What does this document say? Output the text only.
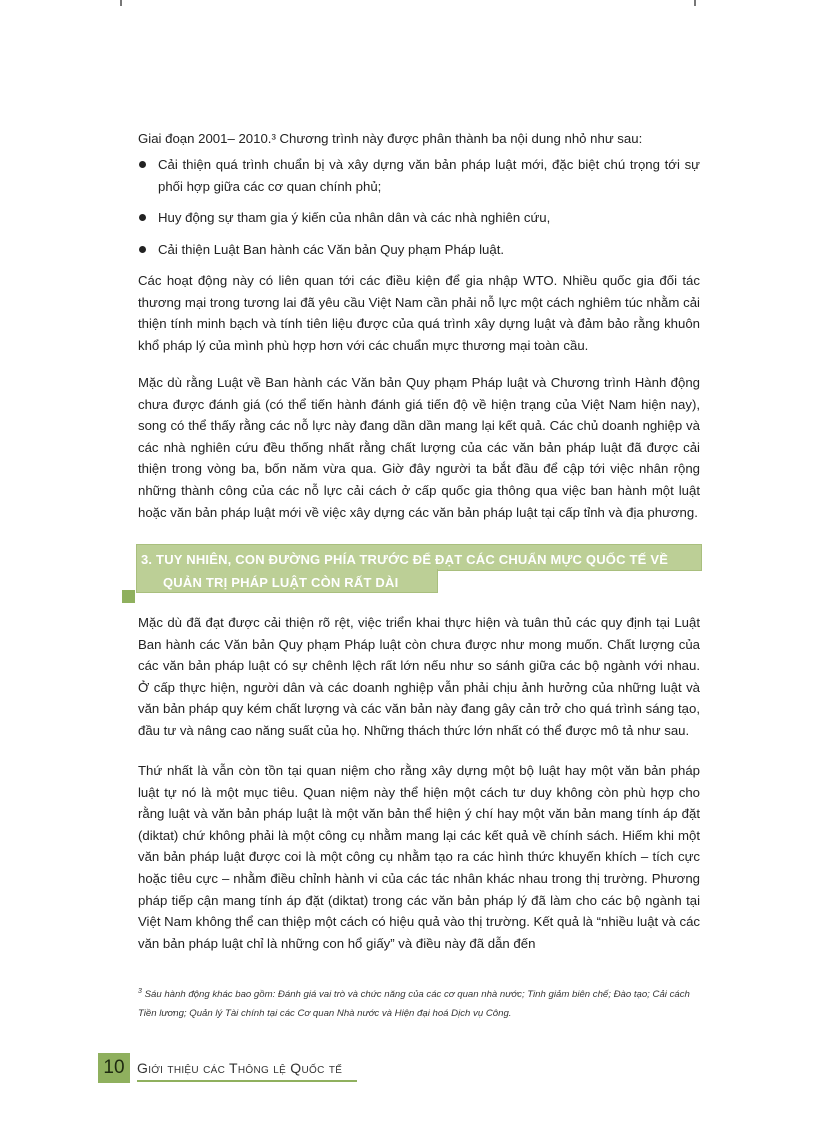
Giai đoạn 2001– 2010.³ Chương trình này được phân thành ba nội dung nhỏ như sau:
Cải thiện quá trình chuẩn bị và xây dựng văn bản pháp luật mới, đặc biệt chú trọng tới sự phối hợp giữa các cơ quan chính phủ;
Huy động sự tham gia ý kiến của nhân dân và các nhà nghiên cứu,
Cải thiện Luật Ban hành các Văn bản Quy phạm Pháp luật.
Các hoạt động này có liên quan tới các điều kiện để gia nhập WTO. Nhiều quốc gia đối tác thương mại trong tương lai đã yêu cầu Việt Nam cần phải nỗ lực một cách nghiêm túc nhằm cải thiện tính minh bạch và tính tiên liệu được của quá trình xây dựng luật và đảm bảo rằng khuôn khổ pháp lý của mình phù hợp hơn với các chuẩn mực thương mại toàn cầu.
Mặc dù rằng Luật về Ban hành các Văn bản Quy phạm Pháp luật và Chương trình Hành động chưa được đánh giá (có thể tiến hành đánh giá tiến độ về hiện trạng của Việt Nam hiện nay), song có thể thấy rằng các nỗ lực này đang dần dần mang lại kết quả. Các chủ doanh nghiệp và các nhà nghiên cứu đều thống nhất rằng chất lượng của các văn bản pháp luật đã được cải thiện trong vòng ba, bốn năm vừa qua. Giờ đây người ta bắt đầu để cập tới việc nhân rộng những thành công của các nỗ lực cải cách ở cấp quốc gia thông qua việc ban hành một luật hoặc văn bản pháp luật mới về việc xây dựng các văn bản pháp luật tại cấp tỉnh và địa phương.
3. TUY NHIÊN, CON ĐƯỜNG PHÍA TRƯỚC ĐỂ ĐẠT CÁC CHUẨN MỰC QUỐC TẾ VỀ
QUẢN TRỊ PHÁP LUẬT CÒN RẤT DÀI
Mặc dù đã đạt được cải thiện rõ rệt, việc triển khai thực hiện và tuân thủ các quy định tại Luật Ban hành các Văn bản Quy phạm Pháp luật còn chưa được như mong muốn. Chất lượng của các văn bản pháp luật có sự chênh lệch rất lớn nếu như so sánh giữa các bộ ngành với nhau. Ở cấp thực hiện, người dân và các doanh nghiệp vẫn phải chịu ảnh hưởng của những luật và văn bản pháp quy kém chất lượng và các văn bản này đang gây cản trở cho quá trình sáng tạo, đầu tư và nâng cao năng suất của họ. Những thách thức lớn nhất có thể được mô tả như sau.
Thứ nhất là vẫn còn tồn tại quan niệm cho rằng xây dựng một bộ luật hay một văn bản pháp luật tự nó là một mục tiêu. Quan niệm này thể hiện một cách tư duy không còn phù hợp cho rằng luật và văn bản pháp luật là một văn bản thể hiện ý chí hay một văn bản mang tính áp đặt (diktat) chứ không phải là một công cụ nhằm mang lại các kết quả về chính sách. Hiếm khi một văn bản pháp luật được coi là một công cụ nhằm tạo ra các hình thức khuyến khích – tích cực hoặc tiêu cực – nhằm điều chỉnh hành vi của các tác nhân khác nhau trong thị trường. Phương pháp tiếp cận mang tính áp đặt (diktat) trong các văn bản pháp lý đã làm cho các bộ ngành tại Việt Nam không thể can thiệp một cách có hiệu quả vào thị trường. Kết quả là “nhiều luật và các văn bản pháp luật chỉ là những con hổ giấy” và điều này đã dẫn đến
$^3$ Sáu hành động khác bao gồm: Đánh giá vai trò và chức năng của các cơ quan nhà nước; Tinh giảm biên chế; Đào tạo; Cải cách Tiền lương; Quản lý Tài chính tại các Cơ quan Nhà nước và Hiện đại hoá Dịch vụ Công.
10 Giới thiệu các Thông lệ Quốc tế
